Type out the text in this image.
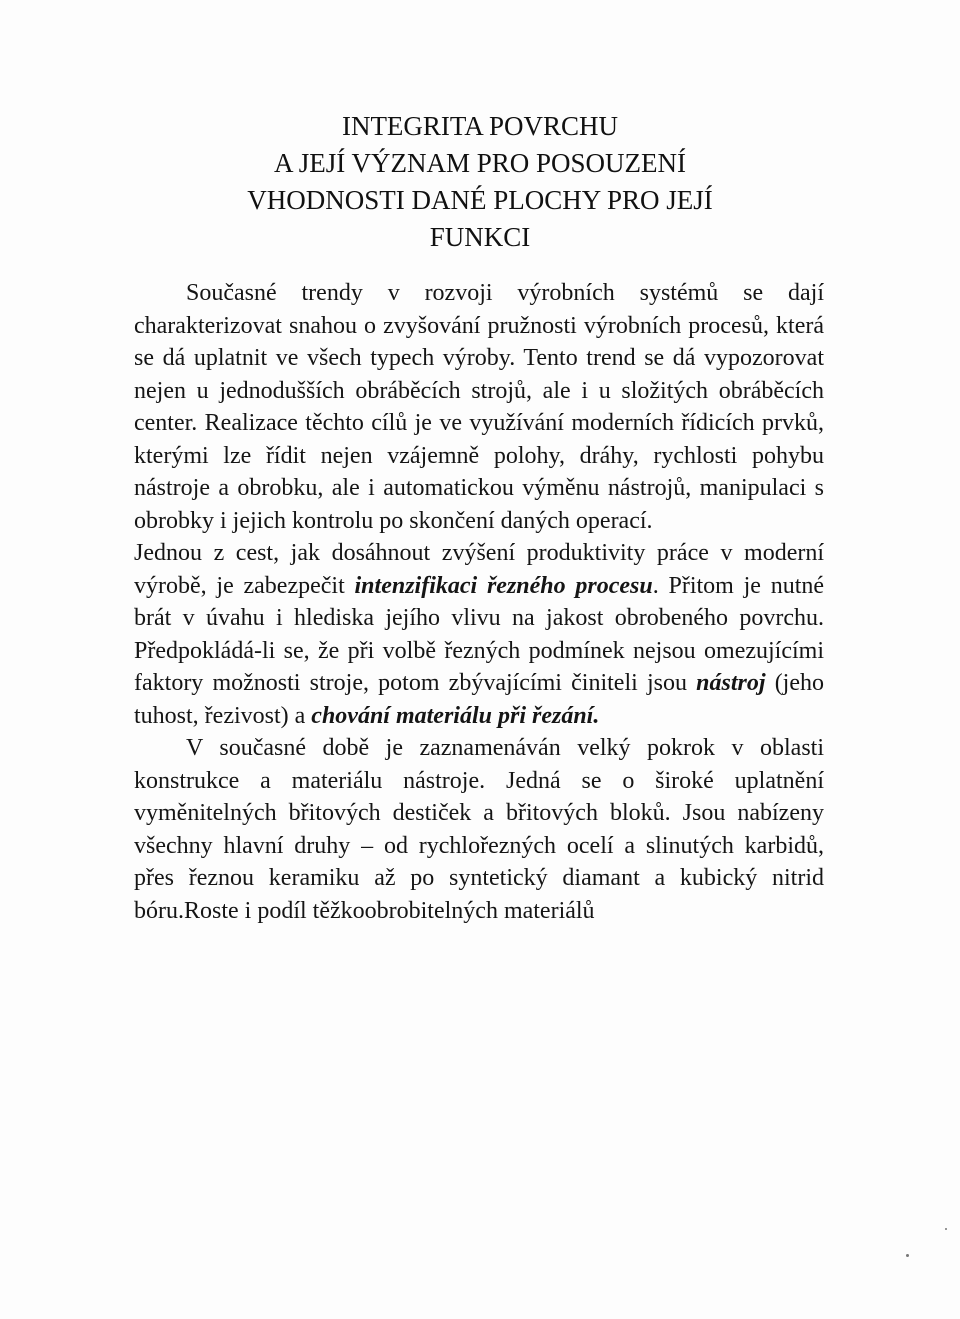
INTEGRITA POVRCHU
A JEJÍ VÝZNAM PRO POSOUZENÍ
VHODNOSTI DANÉ PLOCHY PRO JEJÍ
FUNKCI

Současné trendy v rozvoji výrobních systémů se dají charakterizovat snahou o zvyšování pružnosti výrobních procesů, která se dá uplatnit ve všech typech výroby. Tento trend se dá vypozorovat nejen u jednodušších obráběcích strojů, ale i u složitých obráběcích center. Realizace těchto cílů je ve využívání moderních řídicích prvků, kterými lze řídit nejen vzájemně polohy, dráhy, rychlosti pohybu nástroje a obrobku, ale i automatickou výměnu nástrojů, manipulaci s obrobky i jejich kontrolu po skončení daných operací.

Jednou z cest, jak dosáhnout zvýšení produktivity práce v moderní výrobě, je zabezpečit intenzifikaci řezného procesu. Přitom je nutné brát v úvahu i hlediska jejího vlivu na jakost obrobeného povrchu. Předpokládá-li se, že při volbě řezných podmínek nejsou omezujícími faktory možnosti stroje, potom zbývajícími činiteli jsou nástroj (jeho tuhost, řezivost) a chování materiálu při řezání.

V současné době je zaznamenáván velký pokrok v oblasti konstrukce a materiálu nástroje. Jedná se o široké uplatnění vyměnitelných břitových destiček a břitových bloků. Jsou nabízeny všechny hlavní druhy – od rychlořezných ocelí a slinutých karbidů, přes řeznou keramiku až po syntetický diamant a kubický nitrid bóru.Roste i podíl těžkoobrobitelných materiálů
